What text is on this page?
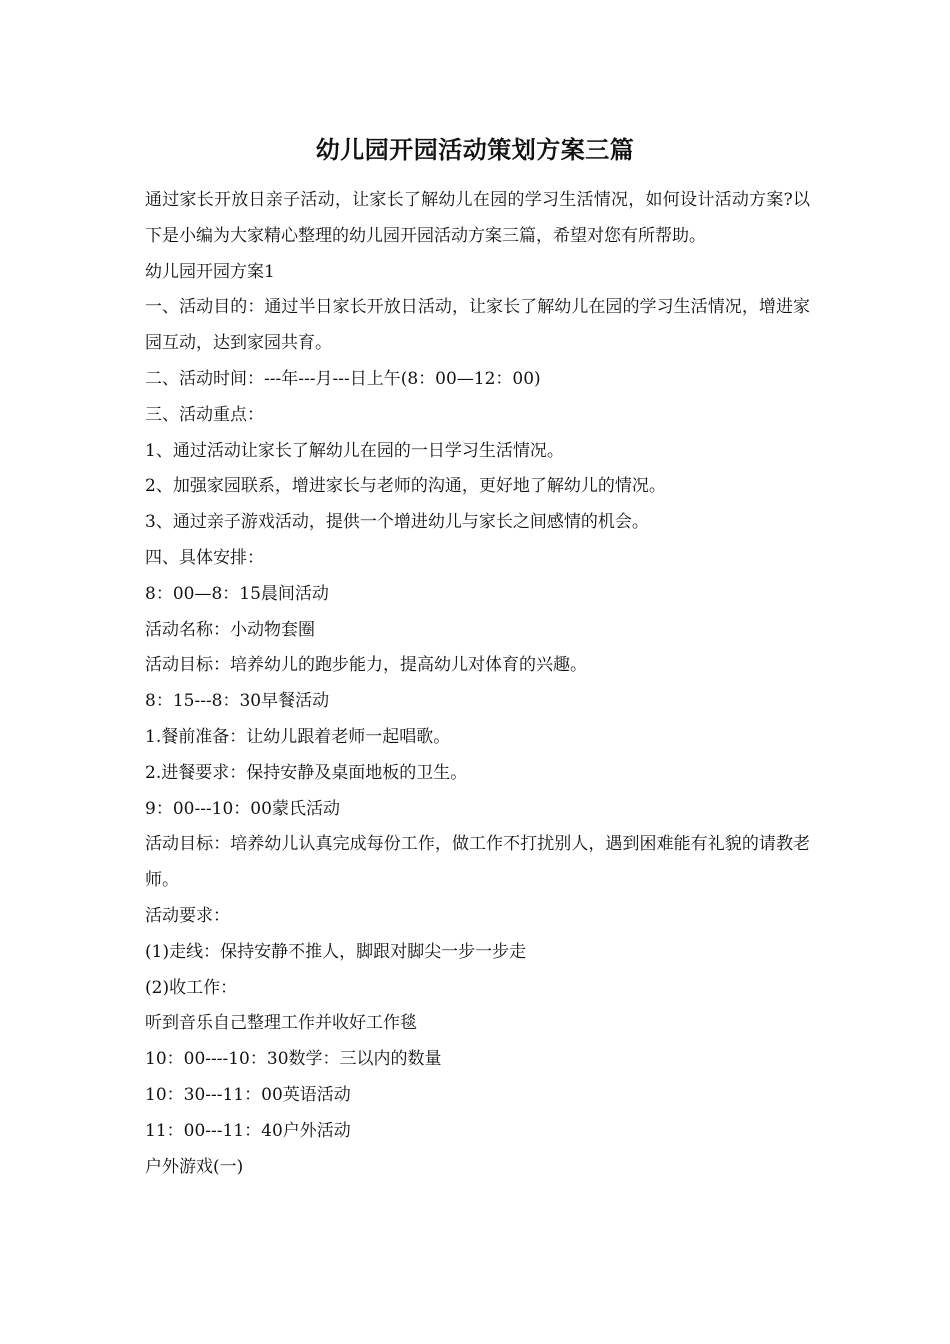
幼儿园开园活动策划方案三篇

通过家长开放日亲子活动，让家长了解幼儿在园的学习生活情况，如何设计活动方案?以下是小编为大家精心整理的幼儿园开园活动方案三篇，希望对您有所帮助。

幼儿园开园方案1

一、活动目的：通过半日家长开放日活动，让家长了解幼儿在园的学习生活情况，增进家园互动，达到家园共育。

二、活动时间：---年---月---日上午(8：00—12：00)

三、活动重点：

1、通过活动让家长了解幼儿在园的一日学习生活情况。

2、加强家园联系，增进家长与老师的沟通，更好地了解幼儿的情况。

3、通过亲子游戏活动，提供一个增进幼儿与家长之间感情的机会。

四、具体安排：

8：00—8：15晨间活动

活动名称：小动物套圈

活动目标：培养幼儿的跑步能力，提高幼儿对体育的兴趣。

8：15---8：30早餐活动

1.餐前准备：让幼儿跟着老师一起唱歌。

2.进餐要求：保持安静及桌面地板的卫生。

9：00---10：00蒙氏活动

活动目标：培养幼儿认真完成每份工作，做工作不打扰别人，遇到困难能有礼貌的请教老师。

活动要求：

(1)走线：保持安静不推人，脚跟对脚尖一步一步走

(2)收工作：

听到音乐自己整理工作并收好工作毯

10：00----10：30数学：三以内的数量

10：30---11：00英语活动

11：00---11：40户外活动

户外游戏(一)
